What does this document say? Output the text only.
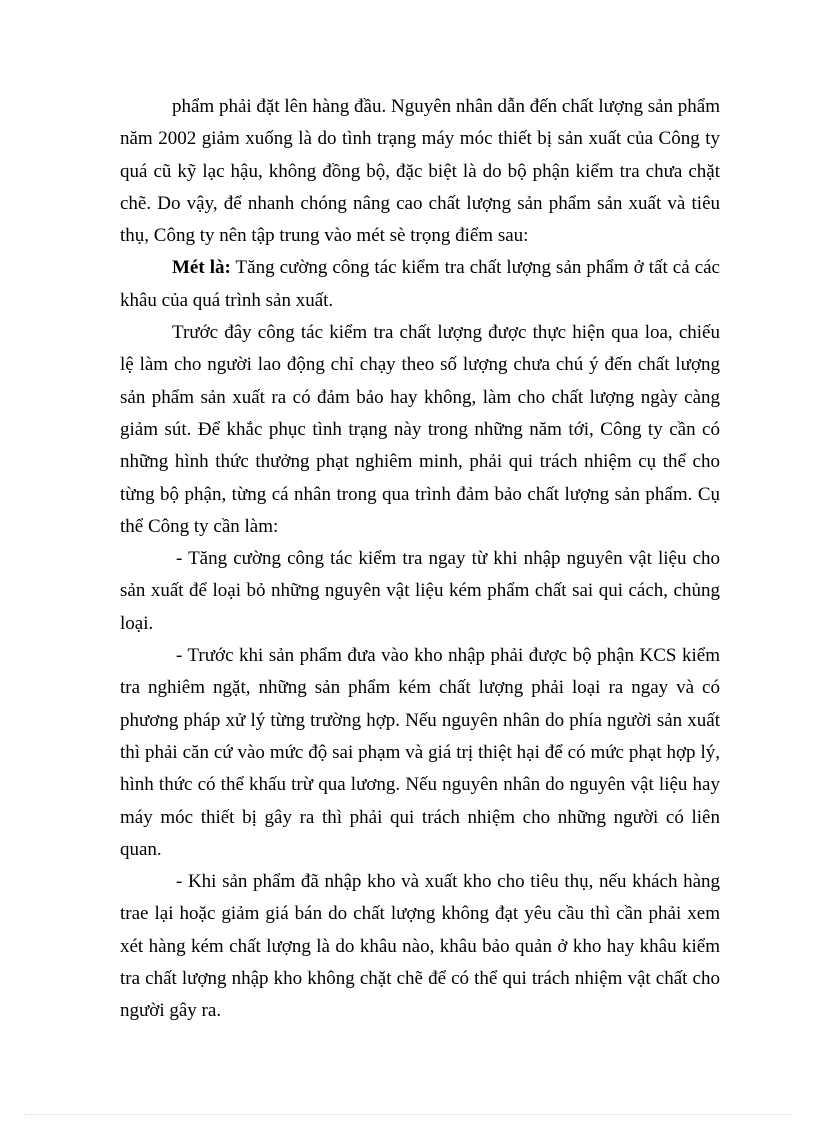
phẩm phải đặt lên hàng đầu. Nguyên nhân dẫn đến chất lượng sản phẩm năm 2002 giảm xuống là do tình trạng máy móc thiết bị sản xuất của Công ty quá cũ kỹ lạc hậu, không đồng bộ, đặc biệt là do bộ phận kiểm tra chưa chặt chẽ. Do vậy, để nhanh chóng nâng cao chất lượng sản phẩm sản xuất và tiêu thụ, Công ty nên tập trung vào mét sè trọng điểm sau:

Mét là: Tăng cường công tác kiểm tra chất lượng sản phẩm ở tất cả các khâu của quá trình sản xuất.

Trước đây công tác kiểm tra chất lượng được thực hiện qua loa, chiếu lệ làm cho người lao động chỉ chạy theo số lượng chưa chú ý đến chất lượng sản phẩm sản xuất ra có đảm bảo hay không, làm cho chất lượng ngày càng giảm sút. Để khắc phục tình trạng này trong những năm tới, Công ty cần có những hình thức thưởng phạt nghiêm minh, phải qui trách nhiệm cụ thể cho từng bộ phận, từng cá nhân trong qua trình đảm bảo chất lượng sản phẩm. Cụ thể Công ty cần làm:

- Tăng cường công tác kiểm tra ngay từ khi nhập nguyên vật liệu cho sản xuất để loại bỏ những nguyên vật liệu kém phẩm chất sai qui cách, chủng loại.

- Trước khi sản phẩm đưa vào kho nhập phải được bộ phận KCS kiểm tra nghiêm ngặt, những sản phẩm kém chất lượng phải loại ra ngay và có phương pháp xử lý từng trường hợp. Nếu nguyên nhân do phía người sản xuất thì phải căn cứ vào mức độ sai phạm và giá trị thiệt hại để có mức phạt hợp lý, hình thức có thể khấu trừ qua lương. Nếu nguyên nhân do nguyên vật liệu hay máy móc thiết bị gây ra thì phải qui trách nhiệm cho những người có liên quan.

- Khi sản phẩm đã nhập kho và xuất kho cho tiêu thụ, nếu khách hàng trae lại hoặc giảm giá bán do chất lượng không đạt yêu cầu thì cần phải xem xét hàng kém chất lượng là do khâu nào, khâu bảo quản ở kho hay khâu kiểm tra chất lượng nhập kho không chặt chẽ để có thể qui trách nhiệm vật chất cho người gây ra.
